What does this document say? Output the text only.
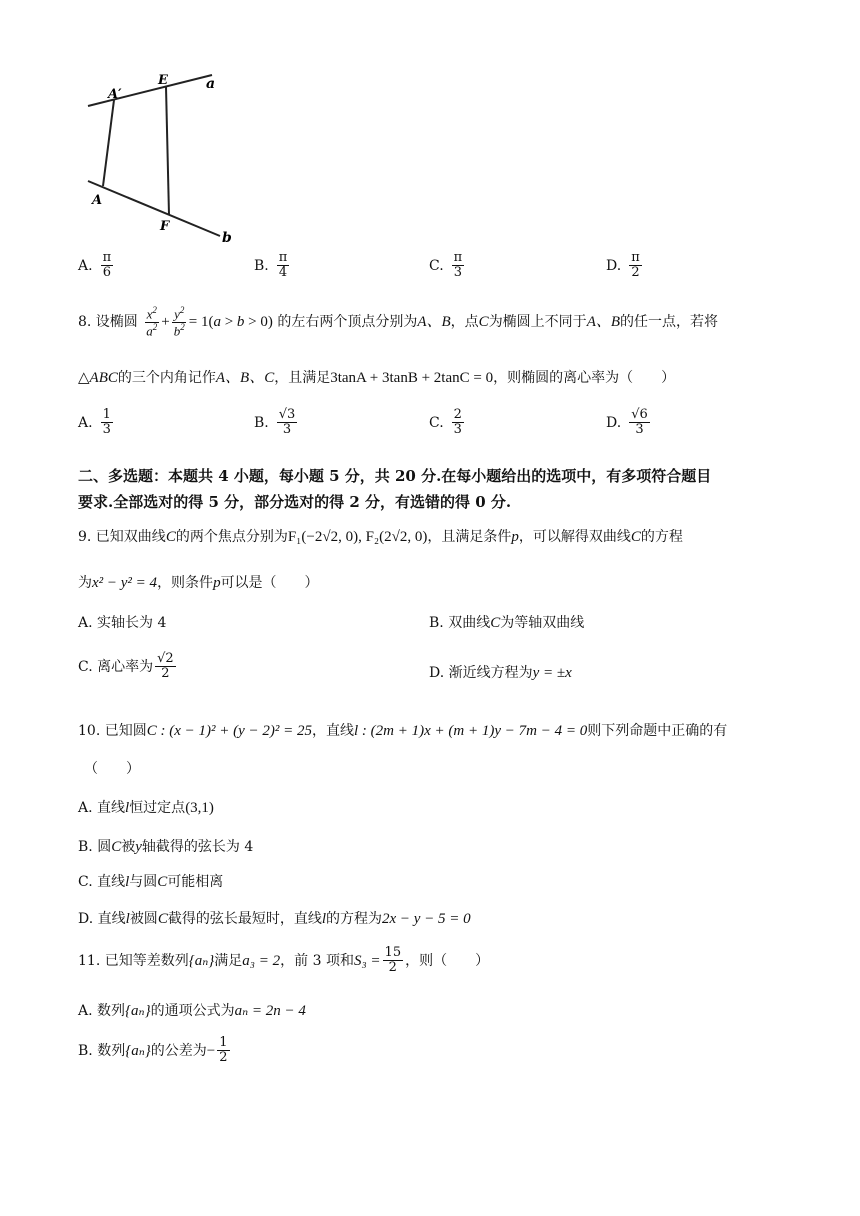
A′
E	a
A
F
b
A. $\frac{\pi}{6}$	B. $\frac{\pi}{4}$	C. $\frac{\pi}{3}$	D. $\frac{\pi}{2}$
8. 设椭圆 $\frac{x^2}{a^2} + \frac{y^2}{b^2} = 1(a > b > 0)$ 的左右两个顶点分别为A、B，点C为椭圆上不同于A、B的任一点，若将
△ABC的三个内角记作A、B、C，且满足3tanA + 3tanB + 2tanC = 0，则椭圆的离心率为（　　）
A. $\frac{1}{3}$	B. $\frac{√3}{3}$	C. $\frac{2}{3}$	D. $\frac{√6}{3}$
二、多选题：本题共 4 小题，每小题 5 分，共 20 分.在每小题给出的选项中，有多项符合题目
要求.全部选对的得 5 分，部分选对的得 2 分，有选错的得 0 分.
9. 已知双曲线C的两个焦点分别为F₁(−2√2, 0), F₂(2√2, 0)，且满足条件p，可以解得双曲线C的方程
为x² − y² = 4，则条件p可以是（　　）
A. 实轴长为 4	B. 双曲线C为等轴双曲线
C. 离心率为 $\frac{√2}{2}$	D. 渐近线方程为y = ±x
10. 已知圆C : (x − 1)² + (y − 2)² = 25，直线l : (2m + 1)x + (m + 1)y − 7m − 4 = 0则下列命题中正确的有
（　　）
A. 直线l恒过定点(3,1)
B. 圆C被y轴截得的弦长为 4
C. 直线l与圆C可能相离
D. 直线l被圆C截得的弦长最短时，直线l的方程为2x − y − 5 = 0
11. 已知等差数列{aₙ}满足a₃ = 2，前 3 项和$S_3 = \frac{15}{2}$ ，则（　　）
A. 数列{aₙ}的通项公式为aₙ = 2n − 4
B. 数列{aₙ}的公差为− $\frac{1}{2}$
